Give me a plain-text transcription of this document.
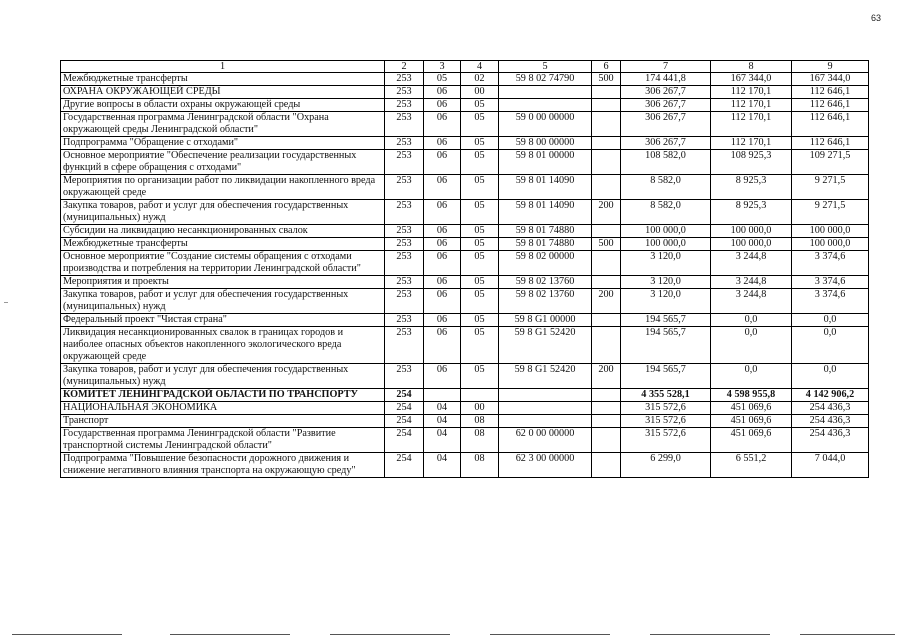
63
1	2	3	4	5	6	7	8	9
Межбюджетные трансферты	253	05	02	59 8 02 74790	500	174 441,8	167 344,0	167 344,0
ОХРАНА ОКРУЖАЮЩЕЙ СРЕДЫ	253	06	00			306 267,7	112 170,1	112 646,1
Другие вопросы в области охраны окружающей среды	253	06	05			306 267,7	112 170,1	112 646,1
Государственная программа Ленинградской области "Охрана окружающей среды Ленинградской области"	253	06	05	59 0 00 00000		306 267,7	112 170,1	112 646,1
Подпрограмма "Обращение с отходами"	253	06	05	59 8 00 00000		306 267,7	112 170,1	112 646,1
Основное мероприятие "Обеспечение реализации государственных функций в сфере обращения с отходами"	253	06	05	59 8 01 00000		108 582,0	108 925,3	109 271,5
Мероприятия по организации работ по ликвидации накопленного вреда окружающей среде	253	06	05	59 8 01 14090		8 582,0	8 925,3	9 271,5
Закупка товаров, работ и услуг для обеспечения государственных (муниципальных) нужд	253	06	05	59 8 01 14090	200	8 582,0	8 925,3	9 271,5
Субсидии на ликвидацию несанкционированных свалок	253	06	05	59 8 01 74880		100 000,0	100 000,0	100 000,0
Межбюджетные трансферты	253	06	05	59 8 01 74880	500	100 000,0	100 000,0	100 000,0
Основное мероприятие "Создание системы обращения с отходами производства и потребления на территории Ленинградской области"	253	06	05	59 8 02 00000		3 120,0	3 244,8	3 374,6
Мероприятия и проекты	253	06	05	59 8 02 13760		3 120,0	3 244,8	3 374,6
Закупка товаров, работ и услуг для обеспечения государственных (муниципальных) нужд	253	06	05	59 8 02 13760	200	3 120,0	3 244,8	3 374,6
Федеральный проект "Чистая страна"	253	06	05	59 8 G1 00000		194 565,7	0,0	0,0
Ликвидация несанкционированных свалок в границах городов и наиболее опасных объектов накопленного экологического вреда окружающей среде	253	06	05	59 8 G1 52420		194 565,7	0,0	0,0
Закупка товаров, работ и услуг для обеспечения государственных (муниципальных) нужд	253	06	05	59 8 G1 52420	200	194 565,7	0,0	0,0
КОМИТЕТ ЛЕНИНГРАДСКОЙ ОБЛАСТИ ПО ТРАНСПОРТУ	254					4 355 528,1	4 598 955,8	4 142 906,2
НАЦИОНАЛЬНАЯ ЭКОНОМИКА	254	04	00			315 572,6	451 069,6	254 436,3
Транспорт	254	04	08			315 572,6	451 069,6	254 436,3
Государственная программа Ленинградской области "Развитие транспортной системы Ленинградской области"	254	04	08	62 0 00 00000		315 572,6	451 069,6	254 436,3
Подпрограмма "Повышение безопасности дорожного движения и снижение негативного влияния транспорта на окружающую среду"	254	04	08	62 3 00 00000		6 299,0	6 551,2	7 044,0
